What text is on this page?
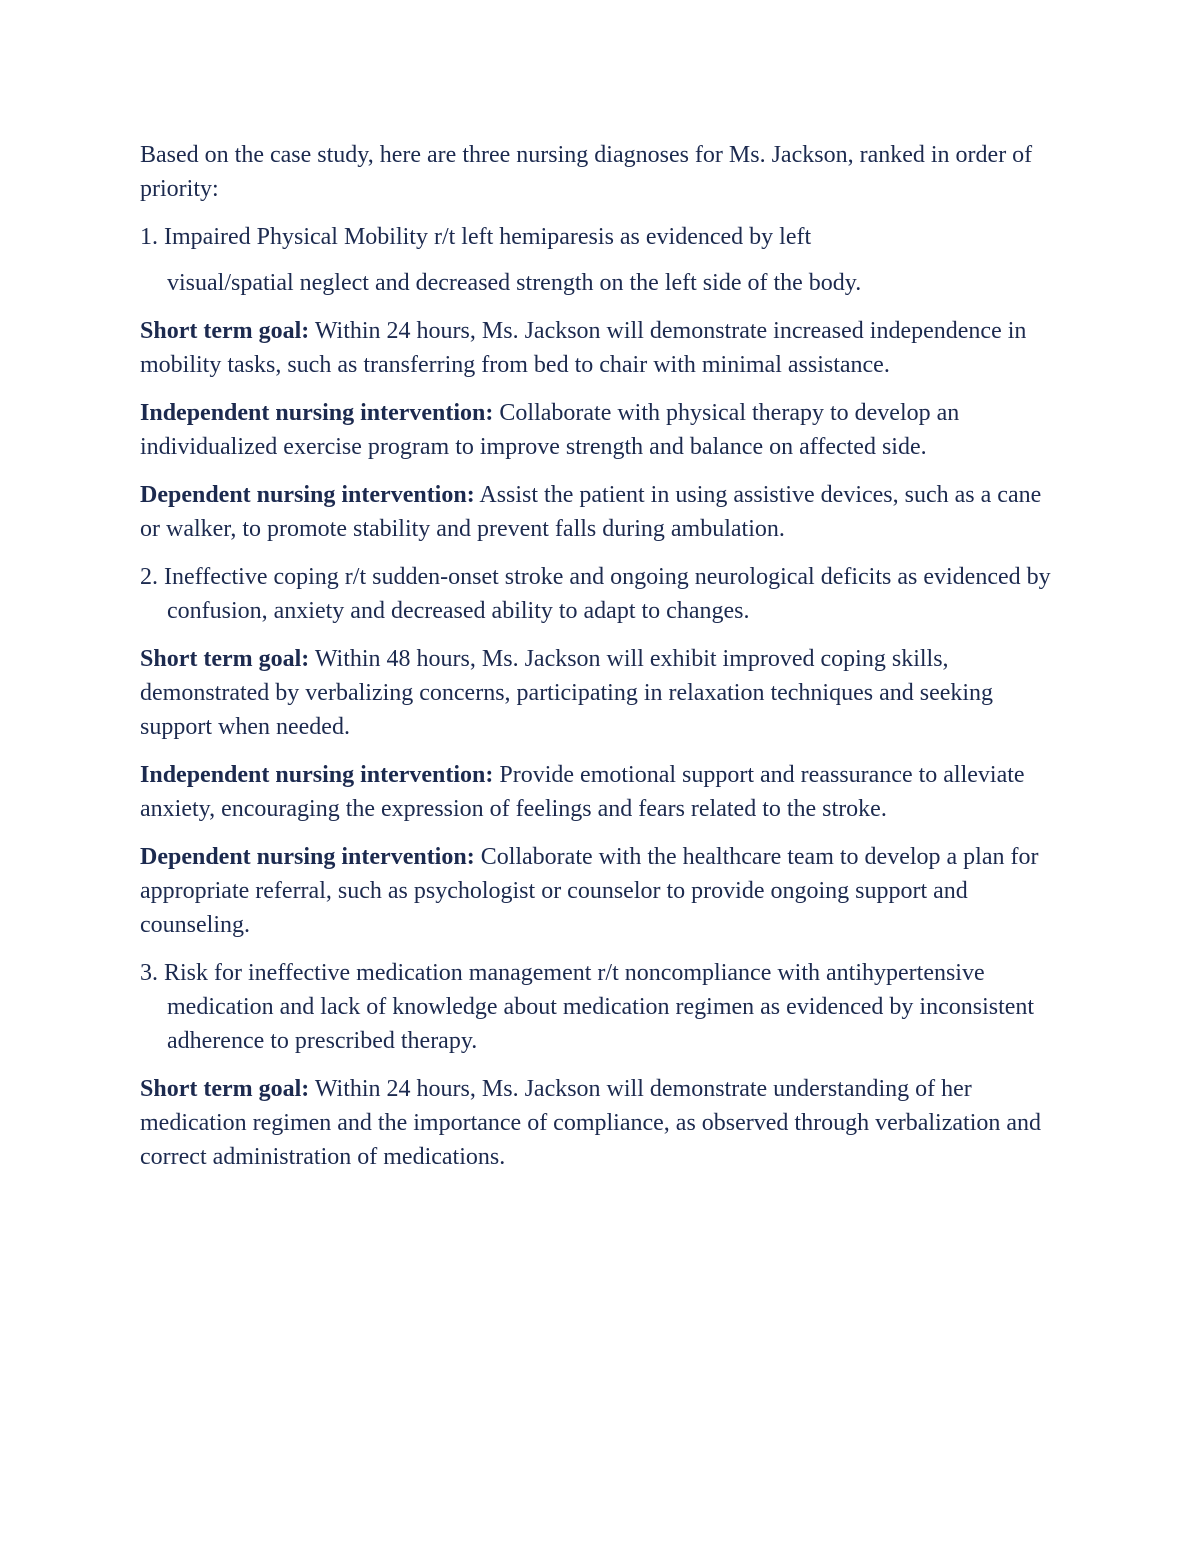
Based on the case study, here are three nursing diagnoses for Ms. Jackson, ranked in order of priority:

1. Impaired Physical Mobility r/t left hemiparesis as evidenced by left
visual/spatial neglect and decreased strength on the left side of the body.

Short term goal: Within 24 hours, Ms. Jackson will demonstrate increased independence in mobility tasks, such as transferring from bed to chair with minimal assistance.

Independent nursing intervention: Collaborate with physical therapy to develop an individualized exercise program to improve strength and balance on affected side.

Dependent nursing intervention: Assist the patient in using assistive devices, such as a cane or walker, to promote stability and prevent falls during ambulation.

2. Ineffective coping r/t sudden-onset stroke and ongoing neurological deficits as evidenced by confusion, anxiety and decreased ability to adapt to changes.

Short term goal: Within 48 hours, Ms. Jackson will exhibit improved coping skills, demonstrated by verbalizing concerns, participating in relaxation techniques and seeking support when needed.

Independent nursing intervention: Provide emotional support and reassurance to alleviate anxiety, encouraging the expression of feelings and fears related to the stroke.

Dependent nursing intervention: Collaborate with the healthcare team to develop a plan for appropriate referral, such as psychologist or counselor to provide ongoing support and counseling.

3. Risk for ineffective medication management r/t noncompliance with antihypertensive medication and lack of knowledge about medication regimen as evidenced by inconsistent adherence to prescribed therapy.

Short term goal: Within 24 hours, Ms. Jackson will demonstrate understanding of her medication regimen and the importance of compliance, as observed through verbalization and correct administration of medications.
